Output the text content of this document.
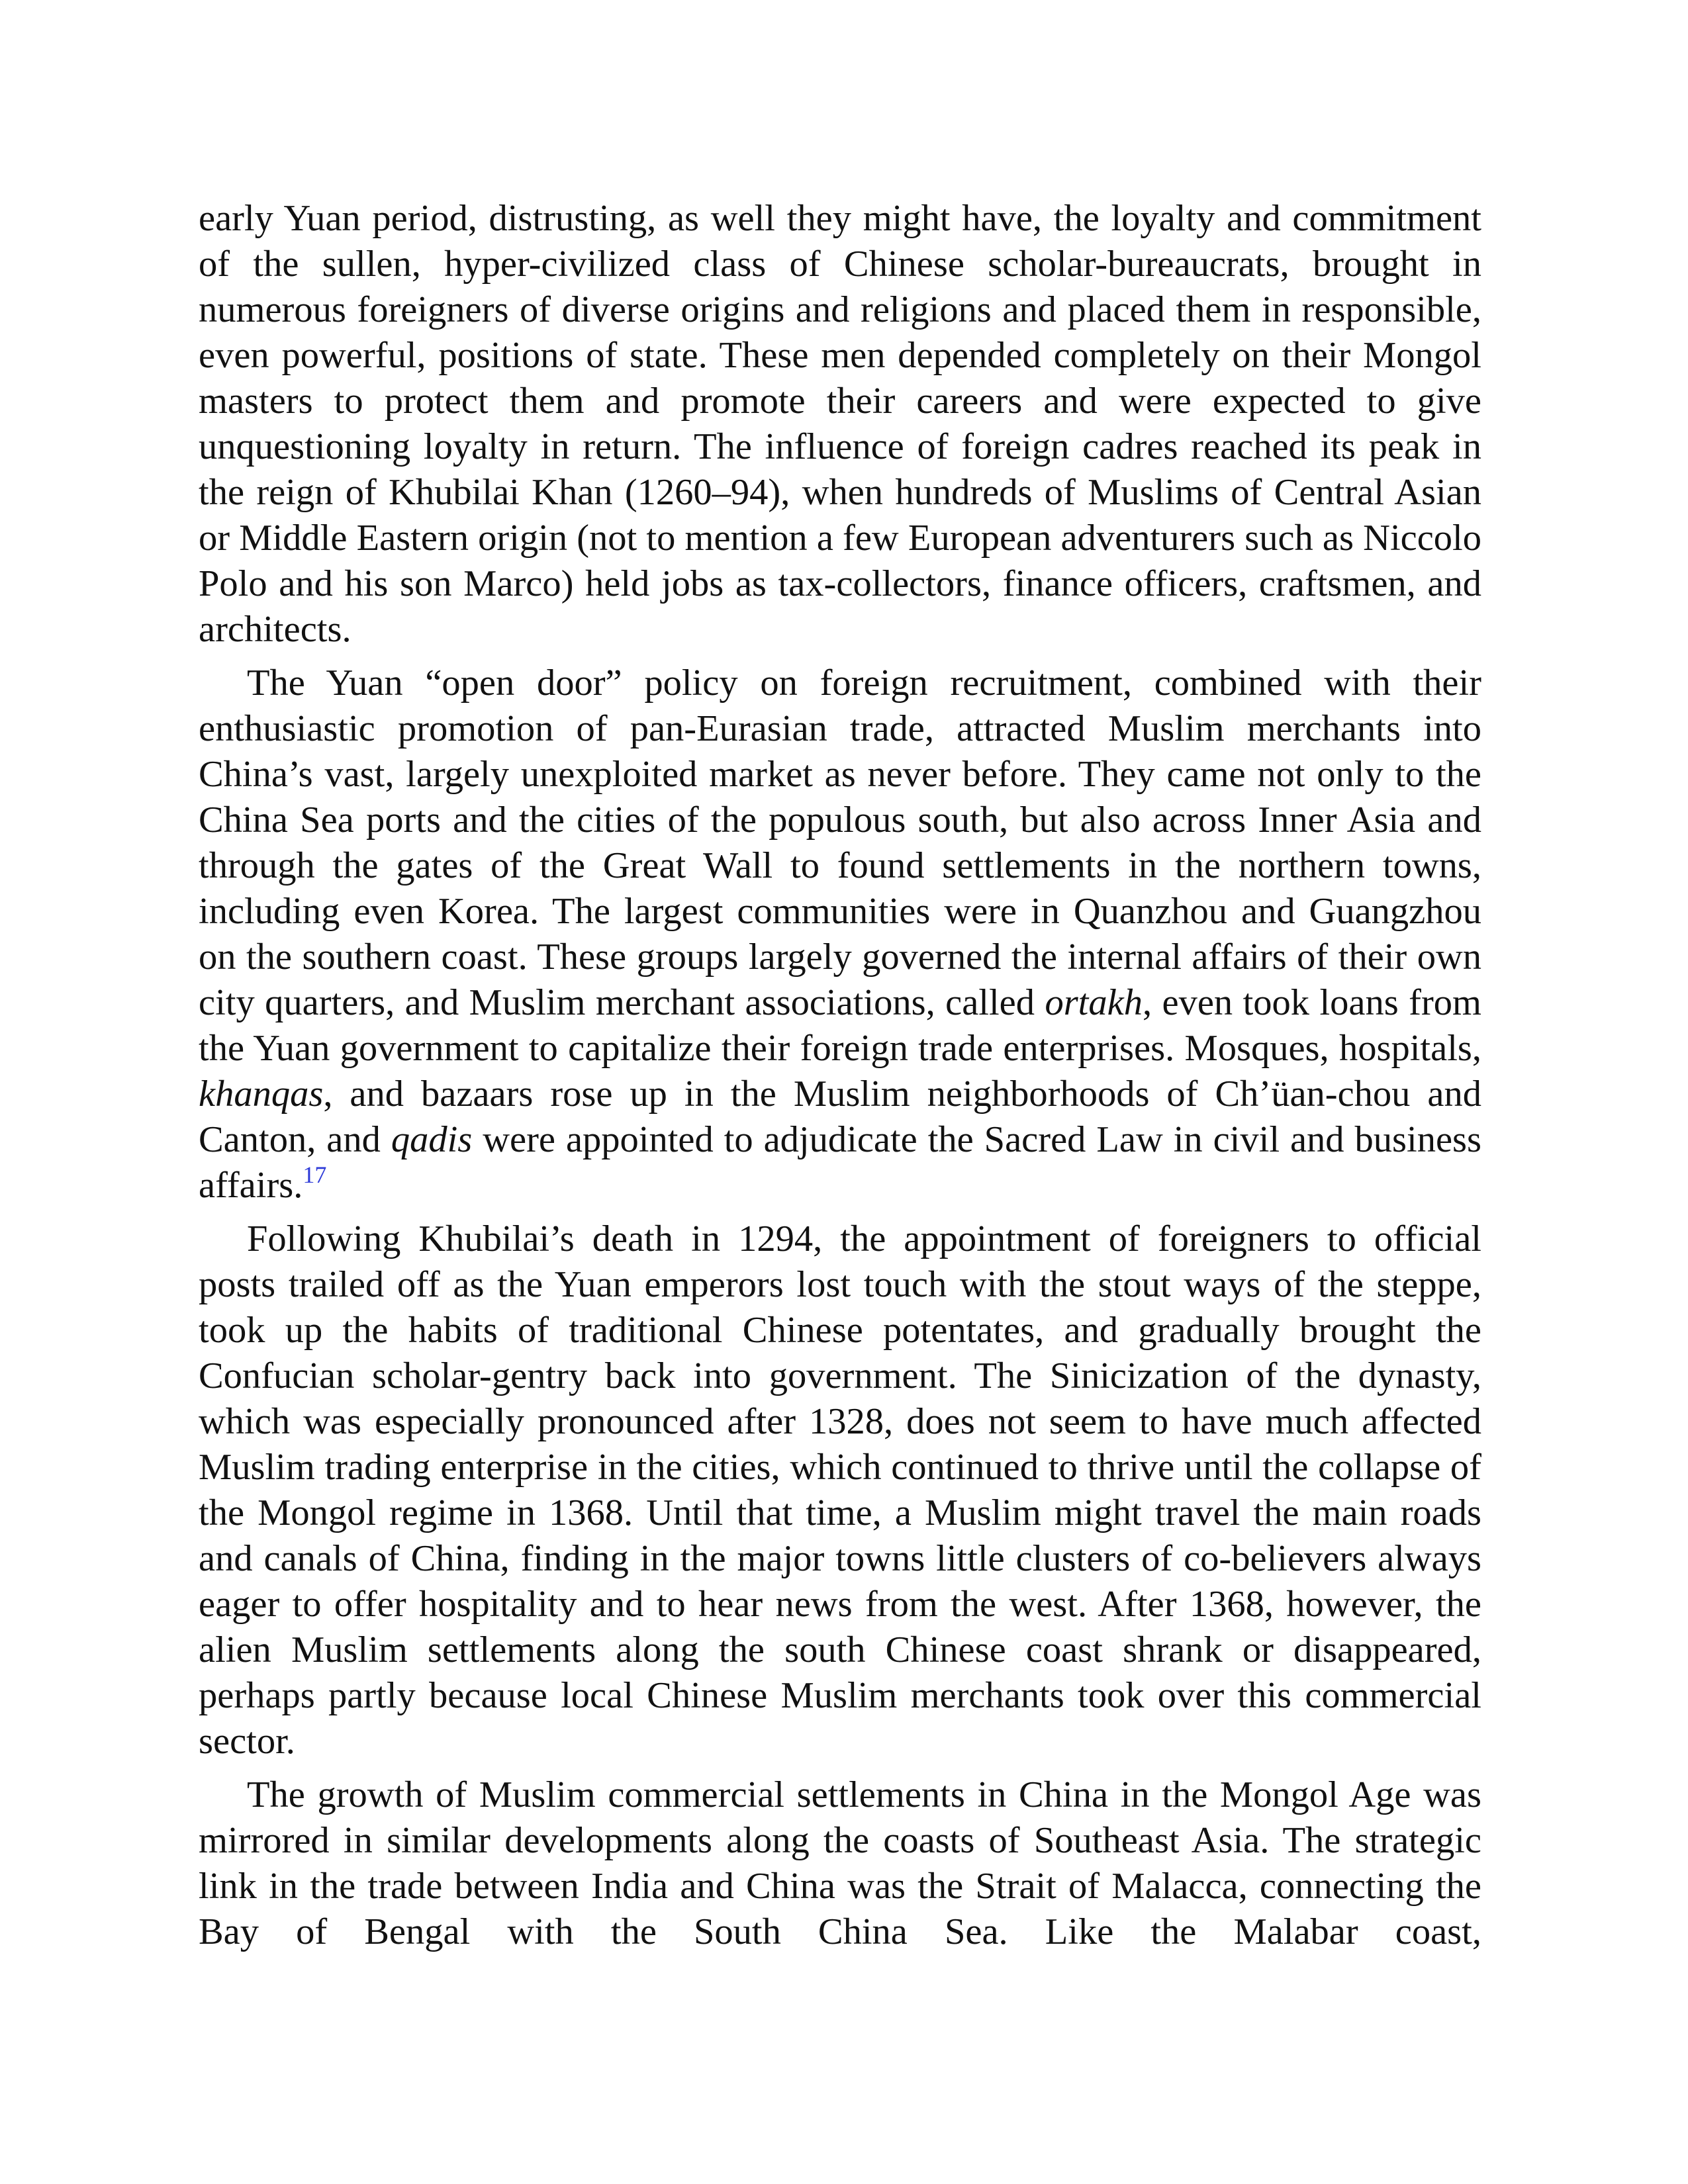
early Yuan period, distrusting, as well they might have, the loyalty and commitment of the sullen, hyper-civilized class of Chinese scholar-bureaucrats, brought in numerous foreigners of diverse origins and religions and placed them in responsible, even powerful, positions of state. These men depended completely on their Mongol masters to protect them and promote their careers and were expected to give unquestioning loyalty in return. The influence of foreign cadres reached its peak in the reign of Khubilai Khan (1260–94), when hundreds of Muslims of Central Asian or Middle Eastern origin (not to mention a few European adventurers such as Niccolo Polo and his son Marco) held jobs as tax-collectors, finance officers, craftsmen, and architects.

The Yuan “open door” policy on foreign recruitment, combined with their enthusiastic promotion of pan-Eurasian trade, attracted Muslim merchants into China’s vast, largely unexploited market as never before. They came not only to the China Sea ports and the cities of the populous south, but also across Inner Asia and through the gates of the Great Wall to found settlements in the northern towns, including even Korea. The largest communities were in Quanzhou and Guangzhou on the southern coast. These groups largely governed the internal affairs of their own city quarters, and Muslim merchant associations, called ortakh, even took loans from the Yuan government to capitalize their foreign trade enterprises. Mosques, hospitals, khanqas, and bazaars rose up in the Muslim neighborhoods of Ch’üan-chou and Canton, and qadis were appointed to adjudicate the Sacred Law in civil and business affairs.$^{17}$

Following Khubilai’s death in 1294, the appointment of foreigners to official posts trailed off as the Yuan emperors lost touch with the stout ways of the steppe, took up the habits of traditional Chinese potentates, and gradually brought the Confucian scholar-gentry back into government. The Sinicization of the dynasty, which was especially pronounced after 1328, does not seem to have much affected Muslim trading enterprise in the cities, which continued to thrive until the collapse of the Mongol regime in 1368. Until that time, a Muslim might travel the main roads and canals of China, finding in the major towns little clusters of co-believers always eager to offer hospitality and to hear news from the west. After 1368, however, the alien Muslim settlements along the south Chinese coast shrank or disappeared, perhaps partly because local Chinese Muslim merchants took over this commercial sector.

The growth of Muslim commercial settlements in China in the Mongol Age was mirrored in similar developments along the coasts of Southeast Asia. The strategic link in the trade between India and China was the Strait of Malacca, connecting the Bay of Bengal with the South China Sea. Like the Malabar coast,
